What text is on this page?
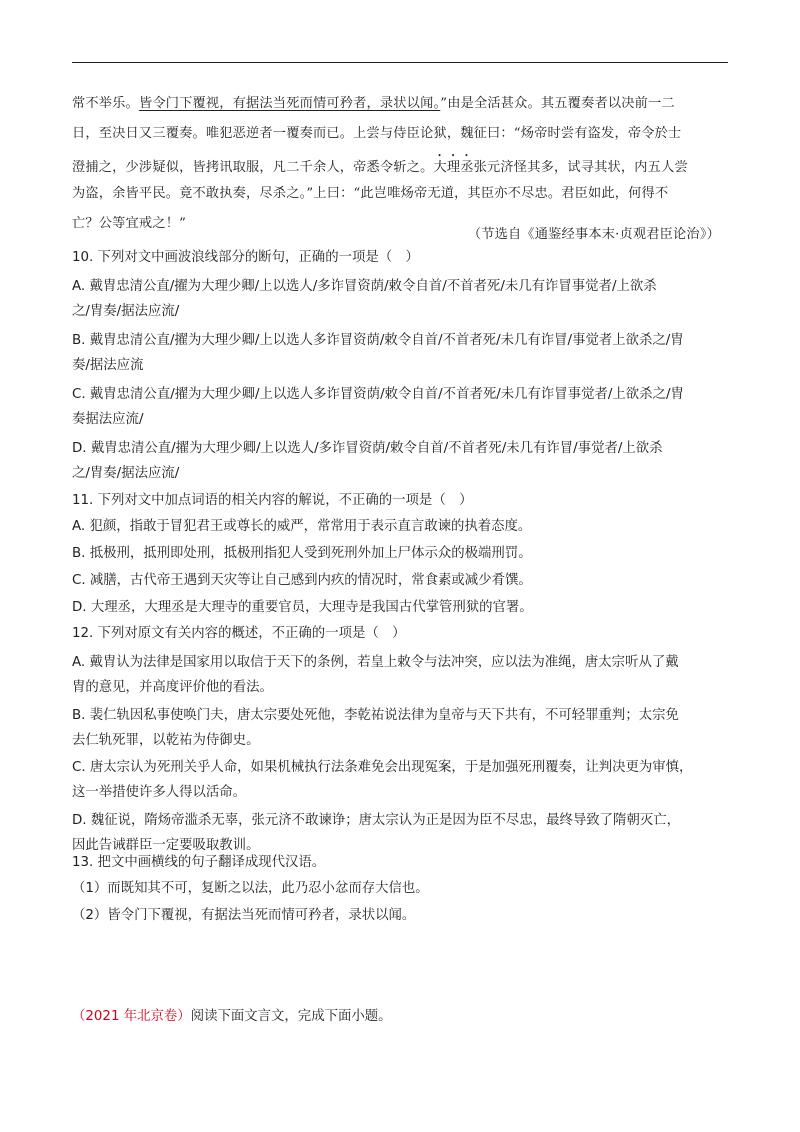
常不举乐。皆令门下覆视，有据法当死而情可矜者，录状以闻。”由是全活甚众。其五覆奏者以决前一二
日，至决日又三覆奏。唯犯恶逆者一覆奏而已。上尝与侍臣论狱，魏征曰：“炀帝时尝有盗发，帝令於士
澄捕之，少涉疑似，皆拷讯取服，凡二千余人，帝悉令斩之。大理丞张元济怪其多，试寻其状，内五人尝
为盗，余皆平民。竟不敢执奏，尽杀之。”上曰：“此岂唯炀帝无道，其臣亦不尽忠。君臣如此，何得不
亡？公等宜戒之！”
（节选自《通鉴经事本末·贞观君臣论治》）
10. 下列对文中画波浪线部分的断句，正确的一项是（　）
A. 戴胄忠清公直/擢为大理少卿/上以选人/多诈冒资荫/敕令自首/不首者死/未几有诈冒事觉者/上欲杀
之/胄奏/据法应流/
B. 戴胄忠清公直/擢为大理少卿/上以选人多诈冒资荫/敕令自首/不首者死/未几有诈冒/事觉者上欲杀之/胄
奏/据法应流
C. 戴胄忠清公直/擢为大理少卿/上以选人多诈冒资荫/敕令自首/不首者死/未几有诈冒事觉者/上欲杀之/胄
奏据法应流/
D. 戴胄忠清公直/擢为大理少卿/上以选人/多诈冒资荫/敕令自首/不首者死/未几有诈冒/事觉者/上欲杀
之/胄奏/据法应流/
11. 下列对文中加点词语的相关内容的解说，不正确的一项是（　）
A. 犯颜，指敢于冒犯君王或尊长的威严，常常用于表示直言敢谏的执着态度。
B. 抵极刑，抵刑即处刑，抵极刑指犯人受到死刑外加上尸体示众的极端刑罚。
C. 减膳，古代帝王遇到天灾等让自己感到内疚的情况时，常食素或减少肴馔。
D. 大理丞，大理丞是大理寺的重要官员，大理寺是我国古代掌管刑狱的官署。
12. 下列对原文有关内容的概述，不正确的一项是（　）
A. 戴胄认为法律是国家用以取信于天下的条例，若皇上敕令与法冲突，应以法为准绳，唐太宗听从了戴
胄的意见，并高度评价他的看法。
B. 裴仁轨因私事使唤门夫，唐太宗要处死他，李乾祐说法律为皇帝与天下共有，不可轻罪重判；太宗免
去仁轨死罪，以乾祐为侍御史。
C. 唐太宗认为死刑关乎人命，如果机械执行法条难免会出现冤案，于是加强死刑覆奏，让判决更为审慎，
这一举措使许多人得以活命。
D. 魏征说，隋炀帝滥杀无辜，张元济不敢谏诤；唐太宗认为正是因为臣不尽忠，最终导致了隋朝灭亡，
因此告诫群臣一定要吸取教训。
13. 把文中画横线的句子翻译成现代汉语。
（1）而既知其不可，复断之以法，此乃忍小忿而存大信也。
（2）皆令门下覆视，有据法当死而情可矜者，录状以闻。
（2021 年北京卷）阅读下面文言文，完成下面小题。
